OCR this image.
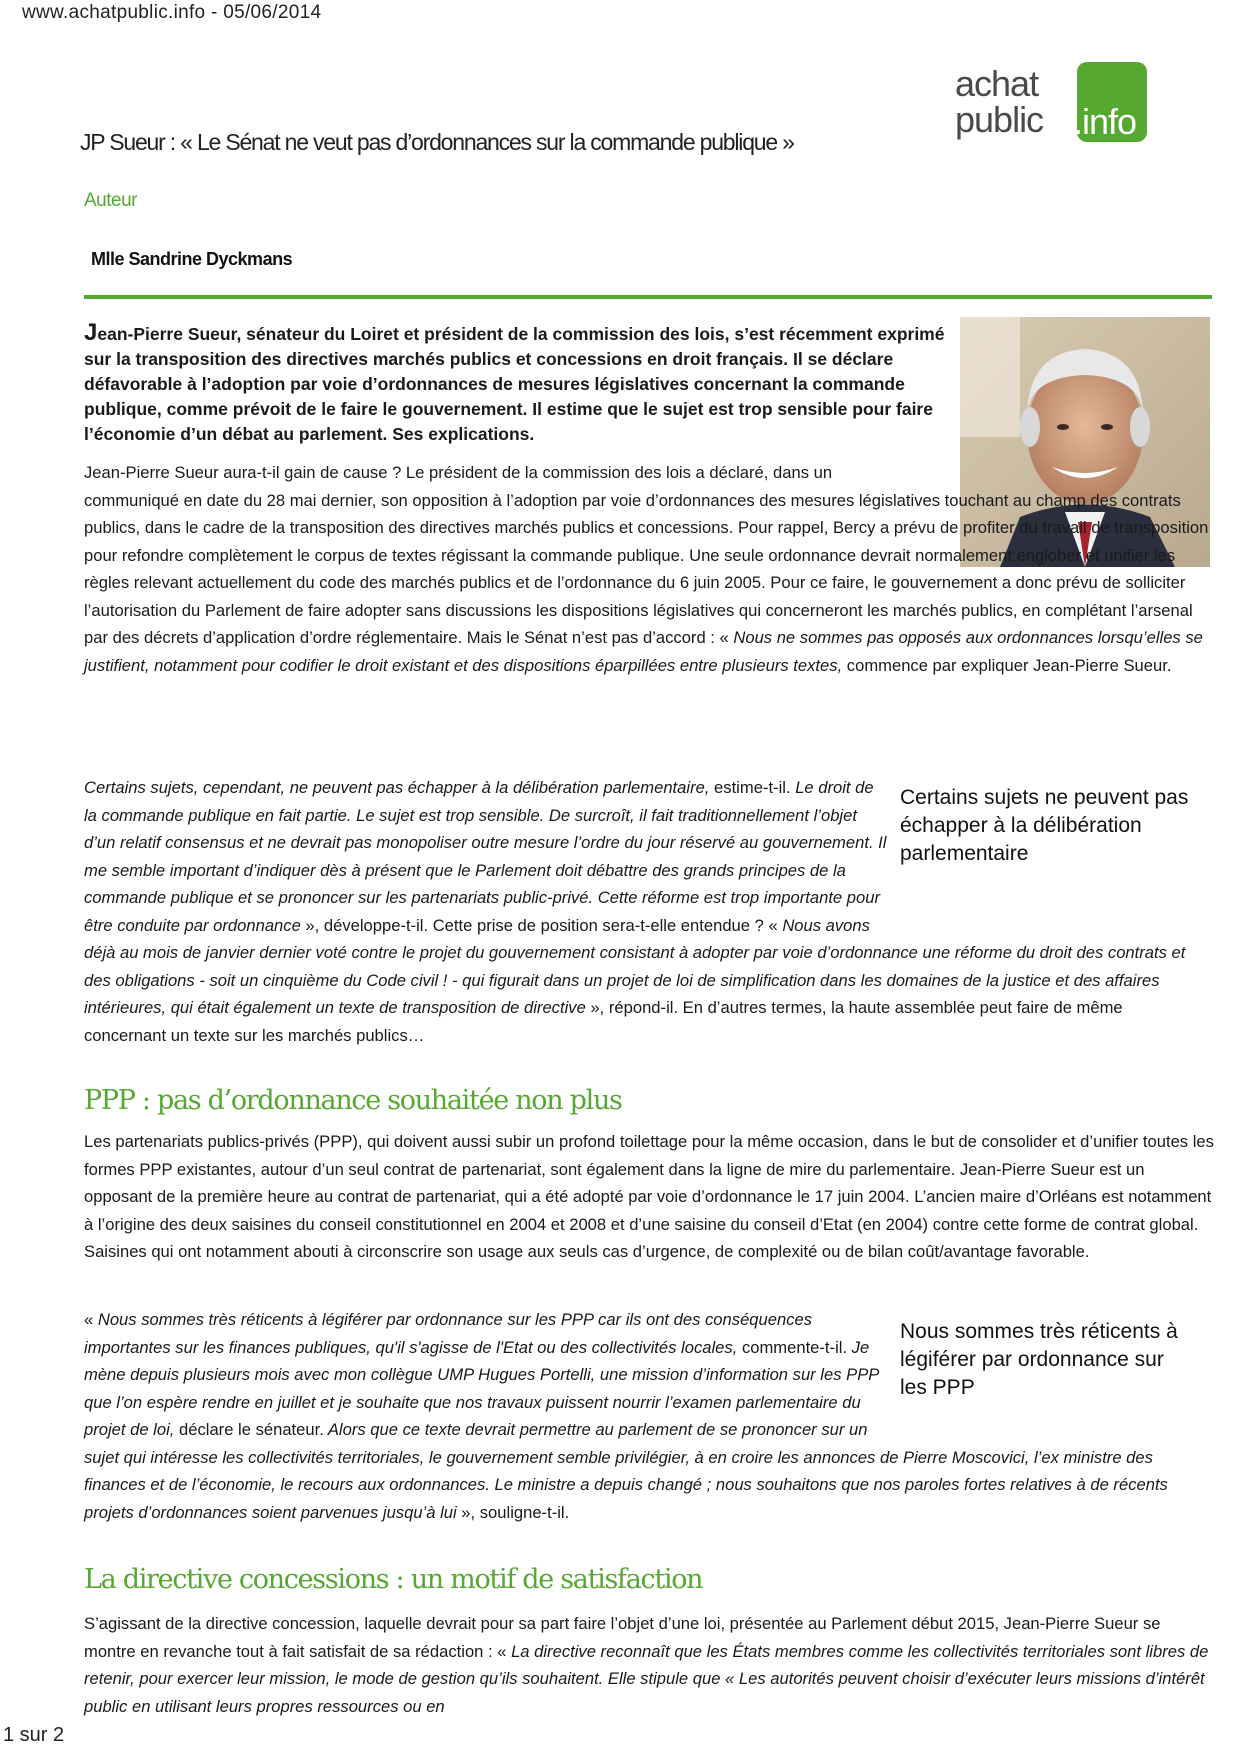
www.achatpublic.info - 05/06/2014
achat
public .info
JP Sueur : « Le Sénat ne veut pas d’ordonnances sur la commande publique »
Auteur
Mlle Sandrine Dyckmans

Jean-Pierre Sueur, sénateur du Loiret et président de la commission des lois, s’est récemment exprimé sur la transposition des directives marchés publics et concessions en droit français. Il se déclare défavorable à l’adoption par voie d’ordonnances de mesures législatives concernant la commande publique, comme prévoit de le faire le gouvernement. Il estime que le sujet est trop sensible pour faire l’économie d’un débat au parlement. Ses explications.

Jean-Pierre Sueur aura-t-il gain de cause ? Le président de la commission des lois a déclaré, dans un communiqué en date du 28 mai dernier, son opposition à l’adoption par voie d’ordonnances des mesures législatives touchant au champ des contrats publics, dans le cadre de la transposition des directives marchés publics et concessions. Pour rappel, Bercy a prévu de profiter du travail de transposition pour refondre complètement le corpus de textes régissant la commande publique. Une seule ordonnance devrait normalement englober et unifier les règles relevant actuellement du code des marchés publics et de l’ordonnance du 6 juin 2005. Pour ce faire, le gouvernement a donc prévu de solliciter l’autorisation du Parlement de faire adopter sans discussions les dispositions législatives qui concerneront les marchés publics, en complétant l’arsenal par des décrets d’application d’ordre réglementaire. Mais le Sénat n’est pas d’accord : « Nous ne sommes pas opposés aux ordonnances lorsqu’elles se justifient, notamment pour codifier le droit existant et des dispositions éparpillées entre plusieurs textes, commence par expliquer Jean-Pierre Sueur.

Certains sujets, cependant, ne peuvent pas échapper à la délibération parlementaire, estime-t-il. Le droit de la commande publique en fait partie. Le sujet est trop sensible. De surcroît, il fait traditionnellement l’objet d’un relatif consensus et ne devrait pas monopoliser outre mesure l’ordre du jour réservé au gouvernement. Il me semble important d’indiquer dès à présent que le Parlement doit débattre des grands principes de la commande publique et se prononcer sur les partenariats public-privé. Cette réforme est trop importante pour être conduite par ordonnance », développe-t-il. Cette prise de position sera-t-elle entendue ? « Nous avons déjà au mois de janvier dernier voté contre le projet du gouvernement consistant à adopter par voie d’ordonnance une réforme du droit des contrats et des obligations - soit un cinquième du Code civil ! - qui figurait dans un projet de loi de simplification dans les domaines de la justice et des affaires intérieures, qui était également un texte de transposition de directive », répond-il. En d’autres termes, la haute assemblée peut faire de même concernant un texte sur les marchés publics…

Certains sujets ne peuvent pas échapper à la délibération parlementaire
PPP : pas d’ordonnance souhaitée non plus

Les partenariats publics-privés (PPP), qui doivent aussi subir un profond toilettage pour la même occasion, dans le but de consolider et d’unifier toutes les formes PPP existantes, autour d’un seul contrat de partenariat, sont également dans la ligne de mire du parlementaire. Jean-Pierre Sueur est un opposant de la première heure au contrat de partenariat, qui a été adopté par voie d’ordonnance le 17 juin 2004. L’ancien maire d’Orléans est notamment à l’origine des deux saisines du conseil constitutionnel en 2004 et 2008 et d’une saisine du conseil d’Etat (en 2004) contre cette forme de contrat global. Saisines qui ont notamment abouti à circonscrire son usage aux seuls cas d’urgence, de complexité ou de bilan coût/avantage favorable.

« Nous sommes très réticents à légiférer par ordonnance sur les PPP car ils ont des conséquences importantes sur les finances publiques, qu'il s'agisse de l'Etat ou des collectivités locales, commente-t-il. Je mène depuis plusieurs mois avec mon collègue UMP Hugues Portelli, une mission d’information sur les PPP que l’on espère rendre en juillet et je souhaite que nos travaux puissent nourrir l’examen parlementaire du projet de loi, déclare le sénateur. Alors que ce texte devrait permettre au parlement de se prononcer sur un sujet qui intéresse les collectivités territoriales, le gouvernement semble privilégier, à en croire les annonces de Pierre Moscovici, l’ex ministre des finances et de l’économie, le recours aux ordonnances. Le ministre a depuis changé ; nous souhaitons que nos paroles fortes relatives à de récents projets d’ordonnances soient parvenues jusqu’à lui », souligne-t-il.

Nous sommes très réticents à légiférer par ordonnance sur les PPP
La directive concessions : un motif de satisfaction

S’agissant de la directive concession, laquelle devrait pour sa part faire l’objet d’une loi, présentée au Parlement début 2015, Jean-Pierre Sueur se montre en revanche tout à fait satisfait de sa rédaction : « La directive reconnaît que les États membres comme les collectivités territoriales sont libres de retenir, pour exercer leur mission, le mode de gestion qu’ils souhaitent. Elle stipule que « Les autorités peuvent choisir d’exécuter leurs missions d’intérêt public en utilisant leurs propres ressources ou en

1 sur 2
